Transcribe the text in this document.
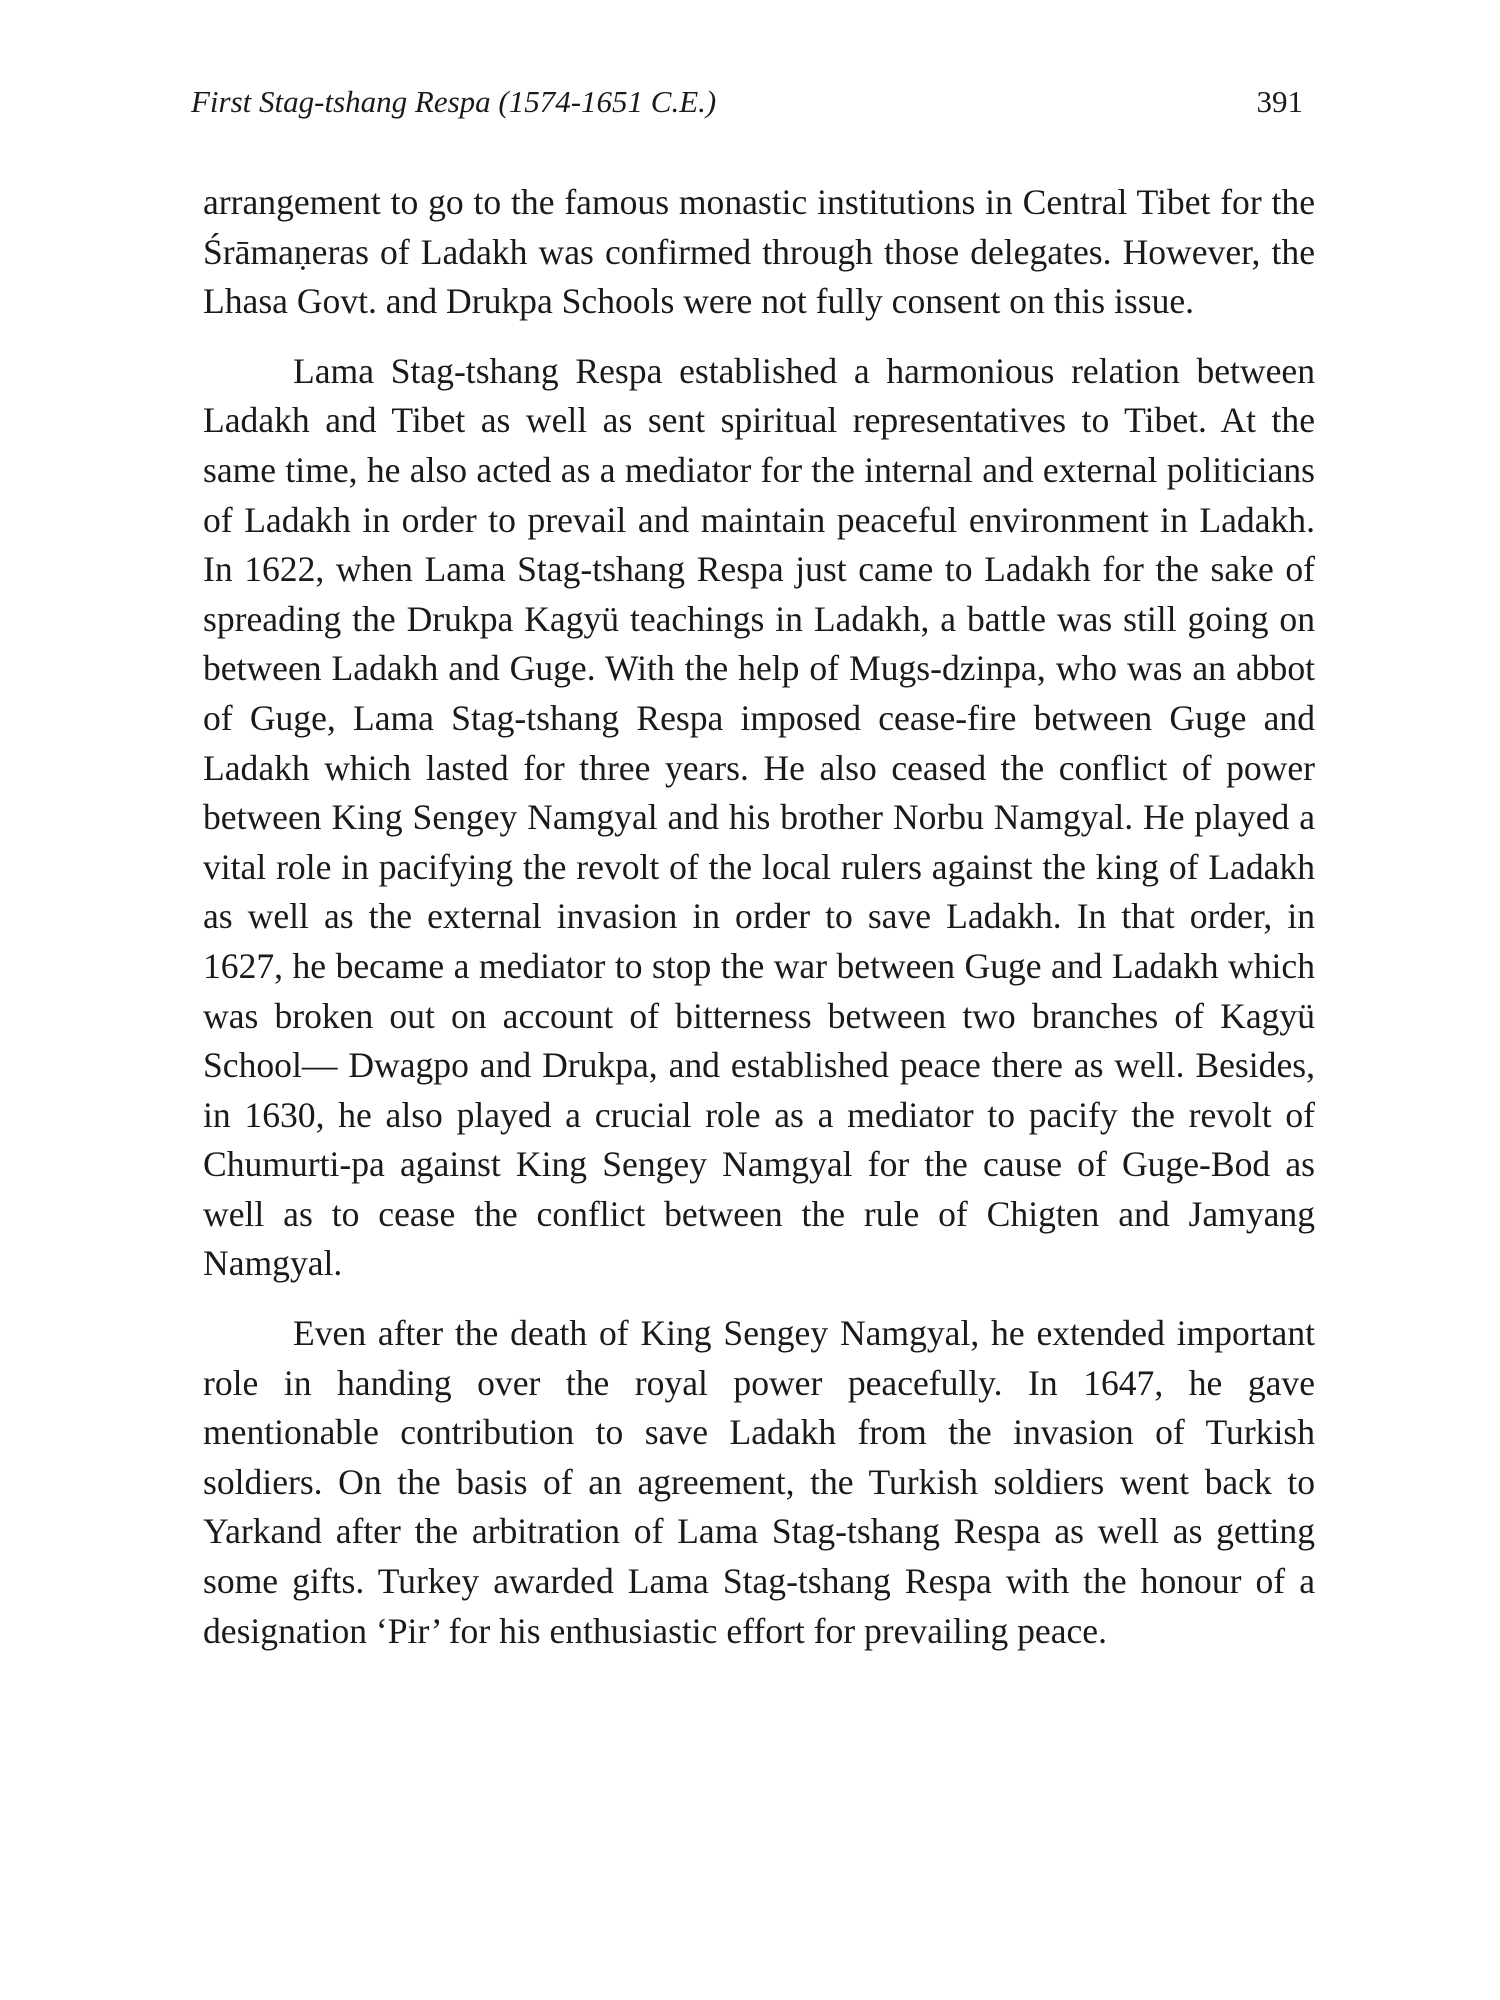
First Stag-tshang Respa (1574-1651 C.E.)	391

arrangement to go to the famous monastic institutions in Central Tibet for the Śrāmaṇeras of Ladakh was confirmed through those delegates. However, the Lhasa Govt. and Drukpa Schools were not fully consent on this issue.

Lama Stag-tshang Respa established a harmonious relation between Ladakh and Tibet as well as sent spiritual representatives to Tibet. At the same time, he also acted as a mediator for the internal and external politicians of Ladakh in order to prevail and maintain peaceful environment in Ladakh. In 1622, when Lama Stag-tshang Respa just came to Ladakh for the sake of spreading the Drukpa Kagyü teachings in Ladakh, a battle was still going on between Ladakh and Guge. With the help of Mugs-dzinpa, who was an abbot of Guge, Lama Stag-tshang Respa imposed cease-fire between Guge and Ladakh which lasted for three years. He also ceased the conflict of power between King Sengey Namgyal and his brother Norbu Namgyal. He played a vital role in pacifying the revolt of the local rulers against the king of Ladakh as well as the external invasion in order to save Ladakh. In that order, in 1627, he became a mediator to stop the war between Guge and Ladakh which was broken out on account of bitterness between two branches of Kagyü School— Dwagpo and Drukpa, and established peace there as well. Besides, in 1630, he also played a crucial role as a mediator to pacify the revolt of Chumurti-pa against King Sengey Namgyal for the cause of Guge-Bod as well as to cease the conflict between the rule of Chigten and Jamyang Namgyal.

Even after the death of King Sengey Namgyal, he extended important role in handing over the royal power peacefully. In 1647, he gave mentionable contribution to save Ladakh from the invasion of Turkish soldiers. On the basis of an agreement, the Turkish soldiers went back to Yarkand after the arbitration of Lama Stag-tshang Respa as well as getting some gifts. Turkey awarded Lama Stag-tshang Respa with the honour of a designation ‘Pir’ for his enthusiastic effort for prevailing peace.
